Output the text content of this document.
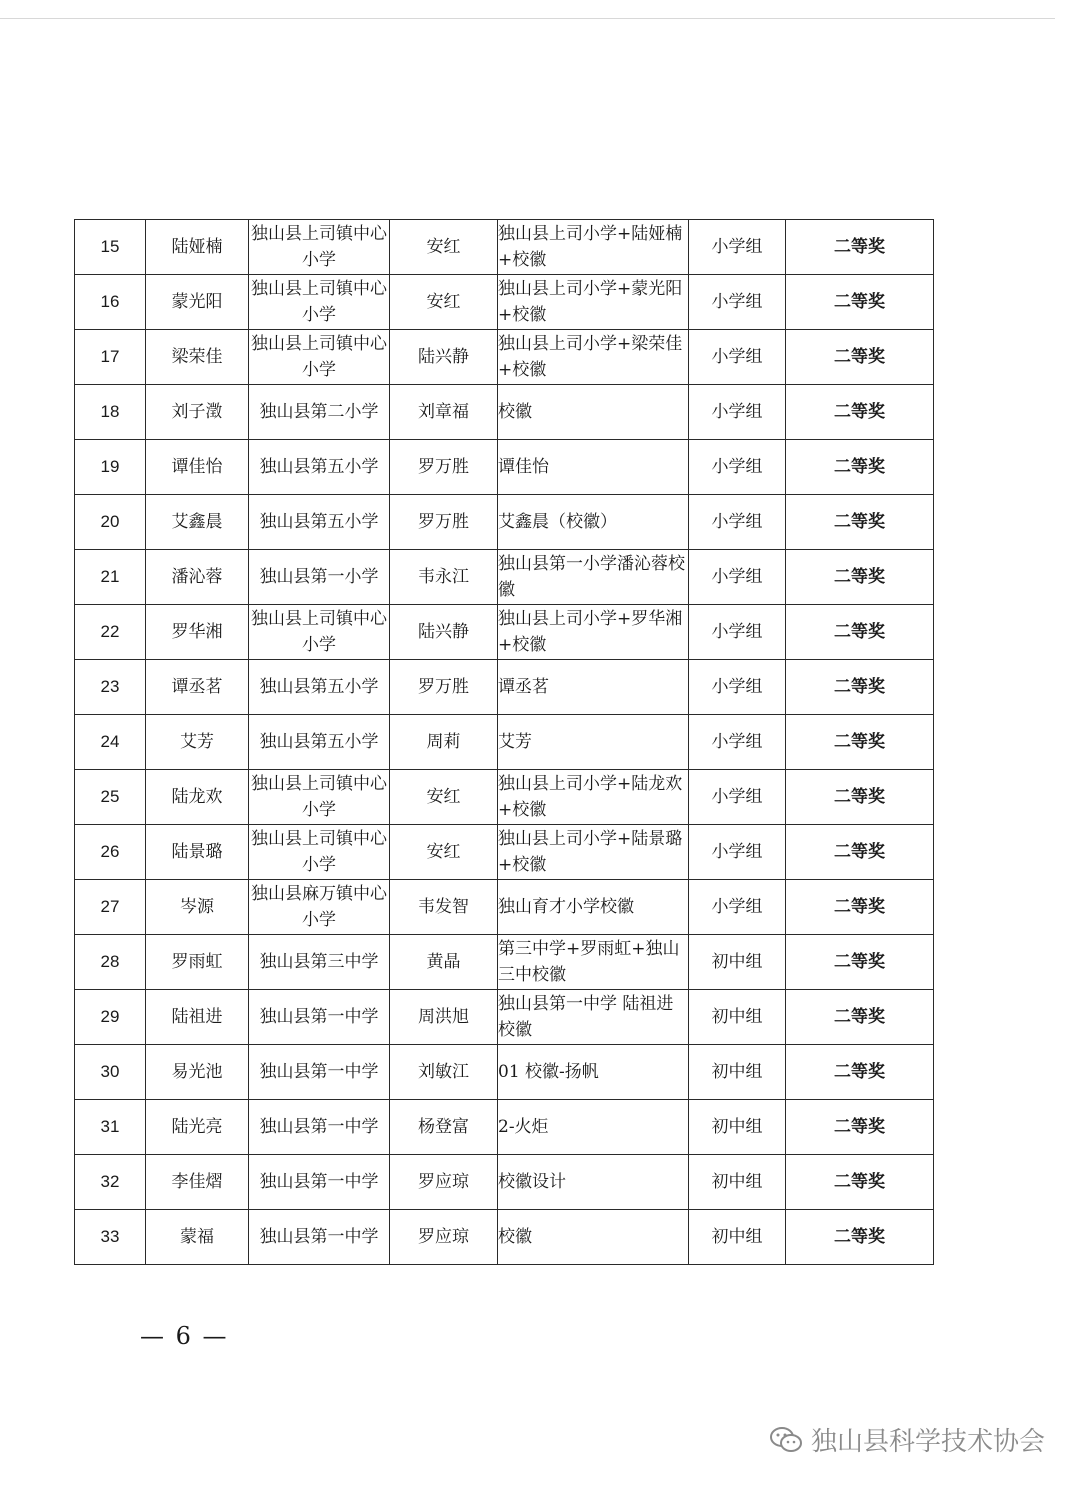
15	陆娅楠	独山县上司镇中心小学	安红	独山县上司小学+陆娅楠+校徽	小学组	二等奖
16	蒙光阳	独山县上司镇中心小学	安红	独山县上司小学+蒙光阳+校徽	小学组	二等奖
17	梁荣佳	独山县上司镇中心小学	陆兴静	独山县上司小学+梁荣佳+校徽	小学组	二等奖
18	刘子澂	独山县第二小学	刘章福	校徽	小学组	二等奖
19	谭佳怡	独山县第五小学	罗万胜	谭佳怡	小学组	二等奖
20	艾鑫晨	独山县第五小学	罗万胜	艾鑫晨（校徽）	小学组	二等奖
21	潘沁蓉	独山县第一小学	韦永江	独山县第一小学潘沁蓉校徽	小学组	二等奖
22	罗华湘	独山县上司镇中心小学	陆兴静	独山县上司小学+罗华湘+校徽	小学组	二等奖
23	谭丞茗	独山县第五小学	罗万胜	谭丞茗	小学组	二等奖
24	艾芳	独山县第五小学	周莉	艾芳	小学组	二等奖
25	陆龙欢	独山县上司镇中心小学	安红	独山县上司小学+陆龙欢+校徽	小学组	二等奖
26	陆景璐	独山县上司镇中心小学	安红	独山县上司小学+陆景璐+校徽	小学组	二等奖
27	岑源	独山县麻万镇中心小学	韦发智	独山育才小学校徽	小学组	二等奖
28	罗雨虹	独山县第三中学	黄晶	第三中学+罗雨虹+独山三中校徽	初中组	二等奖
29	陆祖进	独山县第一中学	周洪旭	独山县第一中学 陆祖进 校徽	初中组	二等奖
30	易光池	独山县第一中学	刘敏江	01 校徽-扬帆	初中组	二等奖
31	陆光亮	独山县第一中学	杨登富	2-火炬	初中组	二等奖
32	李佳熠	独山县第一中学	罗应琼	校徽设计	初中组	二等奖
33	蒙福	独山县第一中学	罗应琼	校徽	初中组	二等奖
— 6 —
独山县科学技术协会
